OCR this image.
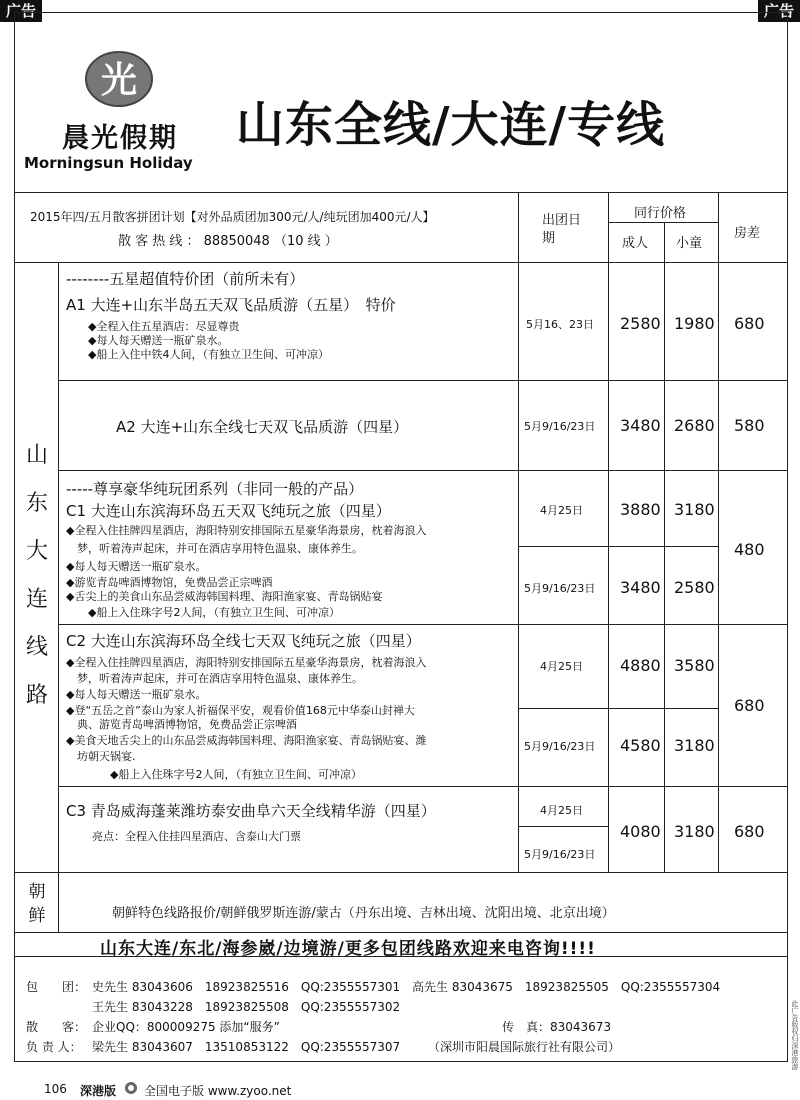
广告	广告
光
晨光假期
Morningsun Holiday
山东全线/大连/专线
2015年四/五月散客拼团计划【对外品质团加300元/人/纯玩团加400元/人】
散 客 热 线 ： 88850048 （10 线 ）
出团日期
同行价格
成人 小童
房差
山
东
大
连
线
路
朝
鲜
--------五星超值特价团（前所未有）
A1 大连+山东半岛五天双飞品质游（五星）　特价
◆全程入住五星酒店：尽显尊贵
◆每人每天赠送一瓶矿泉水。
◆船上入住中铁4人间，（有独立卫生间、可冲凉）
5月16、23日 2580 1980 680
A2 大连+山东全线七天双飞品质游（四星）	5月9/16/23日 3480 2680 580
-----尊享豪华纯玩团系列（非同一般的产品）
C1 大连山东滨海环岛五天双飞纯玩之旅（四星）
◆全程入住挂牌四星酒店，海阳特别安排国际五星豪华海景房，枕着海浪入
　梦，听着涛声起床，并可在酒店享用特色温泉、康体养生。
◆每人每天赠送一瓶矿泉水。
◆游览青岛啤酒博物馆，免费品尝正宗啤酒
◆舌尖上的美食山东品尝威海韩国料理、海阳渔家宴、青岛锅贴宴
　　◆船上入住珠字号2人间，（有独立卫生间、可冲凉）
4月25日 3880 3180
5月9/16/23日 3480 2580
480
C2 大连山东滨海环岛全线七天双飞纯玩之旅（四星）
◆全程入住挂牌四星酒店，海阳特别安排国际五星豪华海景房，枕着海浪入
　梦，听着涛声起床，并可在酒店享用特色温泉、康体养生。
◆每人每天赠送一瓶矿泉水。
◆登“五岳之首”泰山为家人祈福保平安，观看价值168元中华泰山封禅大
　典、游览青岛啤酒博物馆，免费品尝正宗啤酒
◆美食天地舌尖上的山东品尝威海韩国料理、海阳渔家宴、青岛锅贴宴、潍
　坊朝天锅宴.
　　　　◆船上入住珠字号2人间，（有独立卫生间、可冲凉）
4月25日 4880 3580
5月9/16/23日 4580 3180
680
C3 青岛威海蓬莱潍坊泰安曲阜六天全线精华游（四星）
亮点：全程入住挂四星酒店、含泰山大门票
4月25日
5月9/16/23日
4080 3180 680
朝鲜特色线路报价/朝鲜俄罗斯连游/蒙古（丹东出境、吉林出境、沈阳出境、北京出境）
山东大连/东北/海参崴/边境游/更多包团线路欢迎来电咨询!!!!
包　　团： 史先生 83043606　18923825516　QQ:2355557301 高先生 83043675　18923825505　QQ:2355557304
王先生 83043228　18923825508　QQ:2355557302
散　　客： 企业QQ：800009275 添加“服务”	传　真：83043673
负 责 人： 梁先生 83043607　13510853122　QQ:2355557307 （深圳市阳晨国际旅行社有限公司）	此广告版权归深港旅游
106 深港版 全国电子版 www.zyoo.net
